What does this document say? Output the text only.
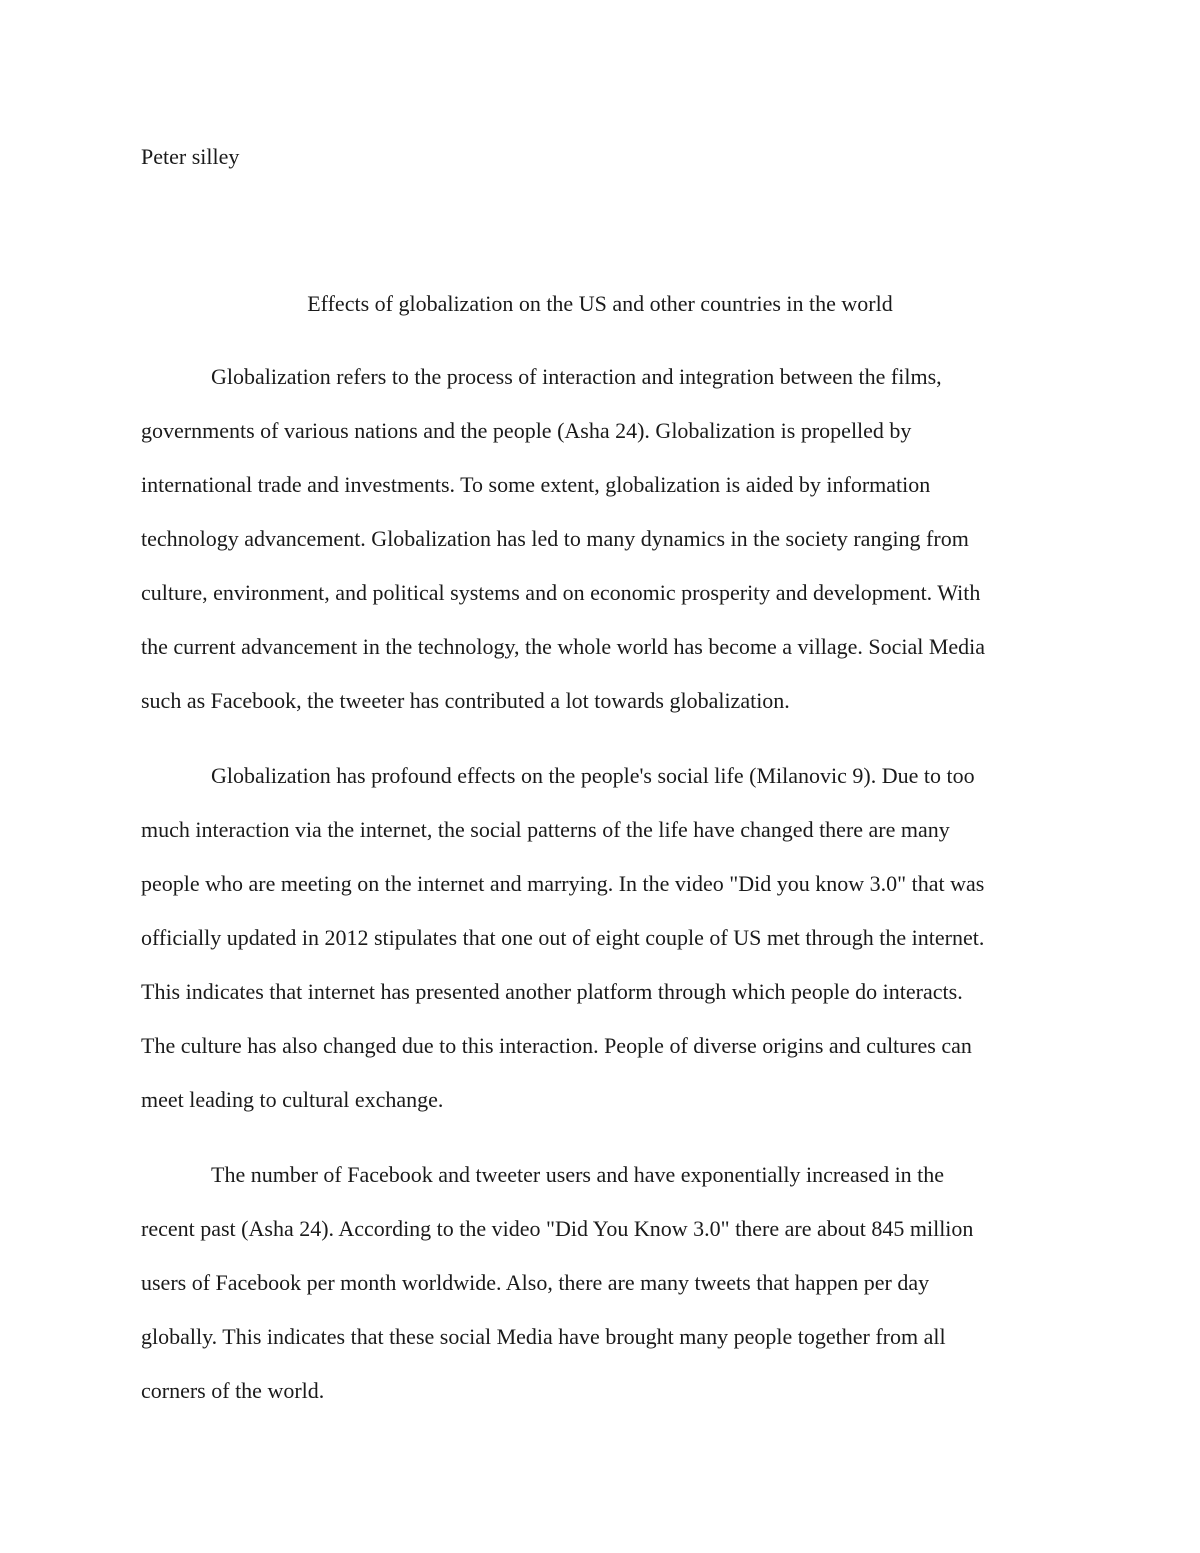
Peter silley

Effects of globalization on the US and other countries in the world
Globalization refers to the process of interaction and integration between the films,
governments of various nations and the people (Asha 24). Globalization is propelled by
international trade and investments. To some extent, globalization is aided by information
technology advancement. Globalization has led to many dynamics in the society ranging from
culture, environment, and political systems and on economic prosperity and development. With
the current advancement in the technology, the whole world has become a village. Social Media
such as Facebook, the tweeter has contributed a lot towards globalization.
Globalization has profound effects on the people's social life (Milanovic 9). Due to too
much interaction via the internet, the social patterns of the life have changed there are many
people who are meeting on the internet and marrying. In the video "Did you know 3.0" that was
officially updated in 2012 stipulates that one out of eight couple of US met through the internet.
This indicates that internet has presented another platform through which people do interacts.
The culture has also changed due to this interaction. People of diverse origins and cultures can
meet leading to cultural exchange.
The number of Facebook and tweeter users and have exponentially increased in the
recent past (Asha 24). According to the video "Did You Know 3.0" there are about 845 million
users of Facebook per month worldwide. Also, there are many tweets that happen per day
globally. This indicates that these social Media have brought many people together from all
corners of the world.
